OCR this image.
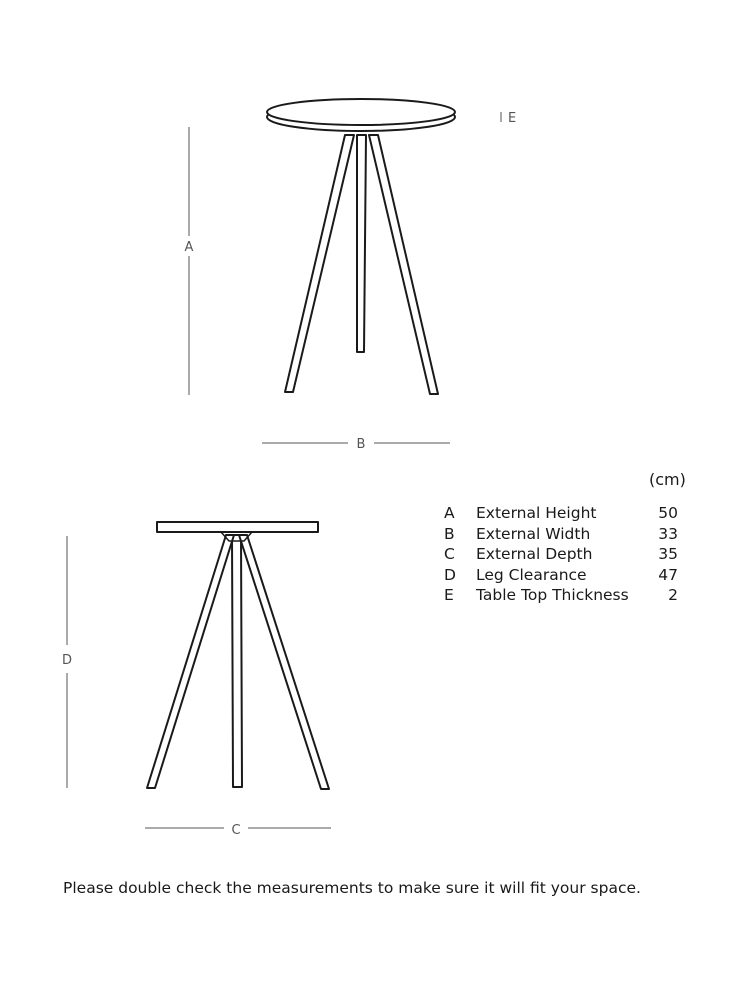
A
B
E
D
C
(cm)
A	External Height	50
B	External Width	33
C	External Depth	35
D	Leg Clearance	47
E	Table Top Thickness	2
Please double check the measurements to make sure it will fit your space.
